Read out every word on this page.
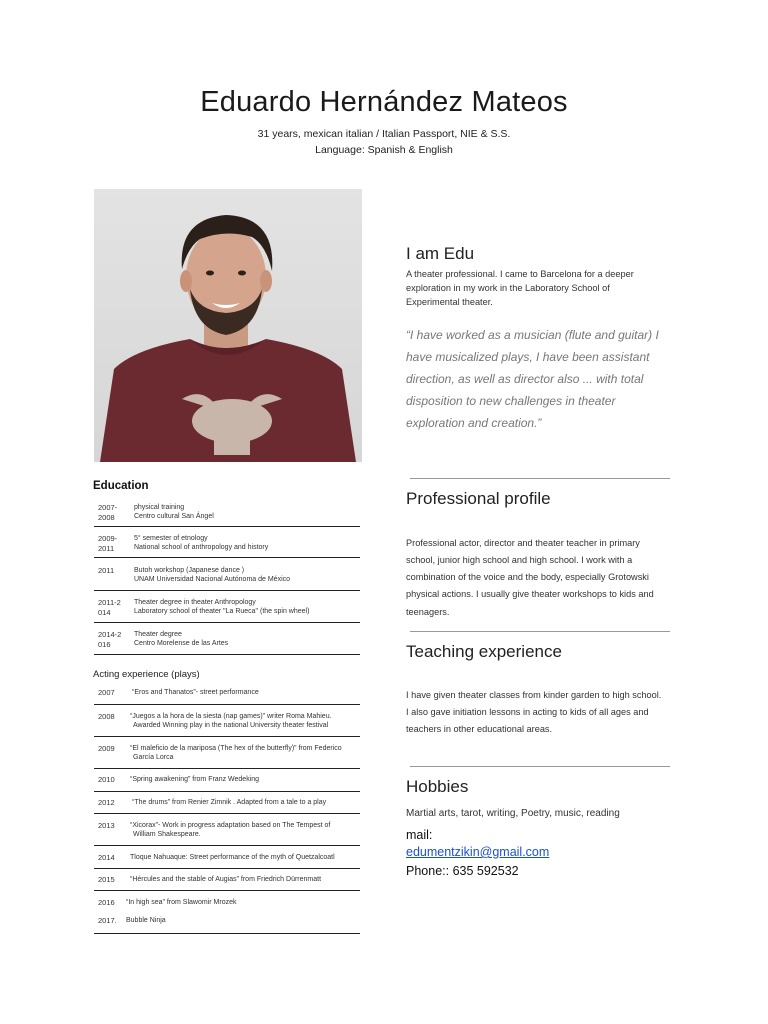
Eduardo Hernández Mateos
31 years, mexican italian / Italian Passport, NIE & S.S.
Language: Spanish & English
I am Edu
A theater professional. I came to Barcelona for a deeper
exploration in my work in the Laboratory School of
Experimental theater.
“I have worked as a musician (flute and guitar) I have musicalized plays, I have been assistant direction, as well as director also ... with total disposition to new challenges in theater exploration and creation.”
Professional profile
Professional actor, director and theater teacher in primary
school, junior high school and high school. I work with a
combination of the voice and the body, especially Grotowski
physical actions. I usually give theater workshops to kids and
teenagers.
Teaching experience
I have given theater classes from kinder garden to high school.
I also gave initiation lessons in acting to kids of all ages and
teachers in other educational areas.
Hobbies
Martial arts, tarot, writing, Poetry, music, reading
mail:
edumentzikin@gmail.com
Phone:: 635 592532
Education
2007-
2008
physical training
Centro cultural San Ángel
2009-
2011
5° semester of etnology
National school of anthropology and history
2011	Butoh workshop (Japanese dance )
UNAM Universidad Nacional Autónoma de México
2011-2
014
Theater degree in theater Anthropology
Laboratory school of theater "La Rueca" (the spin wheel)
2014-2
016
Theater degree
Centro Morelense de las Artes
Acting experience (plays)
2007 “Eros and Thanatos”- street performance
2008 “Juegos a la hora de la siesta (nap games)” writer Roma Mahieu.
Awarded Winning play in the national University theater festival
2009 “El maleficio de la mariposa (The hex of the butterfly)” from Federico
García Lorca
2010 “Spring awakening” from Franz Wedeking
2012 “The drums” from Renier Zimnik . Adapted from a tale to a play
2013 “Xicorax”- Work in progress adaptation based on The Tempest of
William Shakespeare.
2014 Tloque Nahuaque: Street performance of the myth of Quetzalcoatl
2015 “Hércules and the stable of Augias” from Friedrich Dürrenmatt
2016 “In high sea” from Slawomir Mrozek
2017. Bubble Ninja
